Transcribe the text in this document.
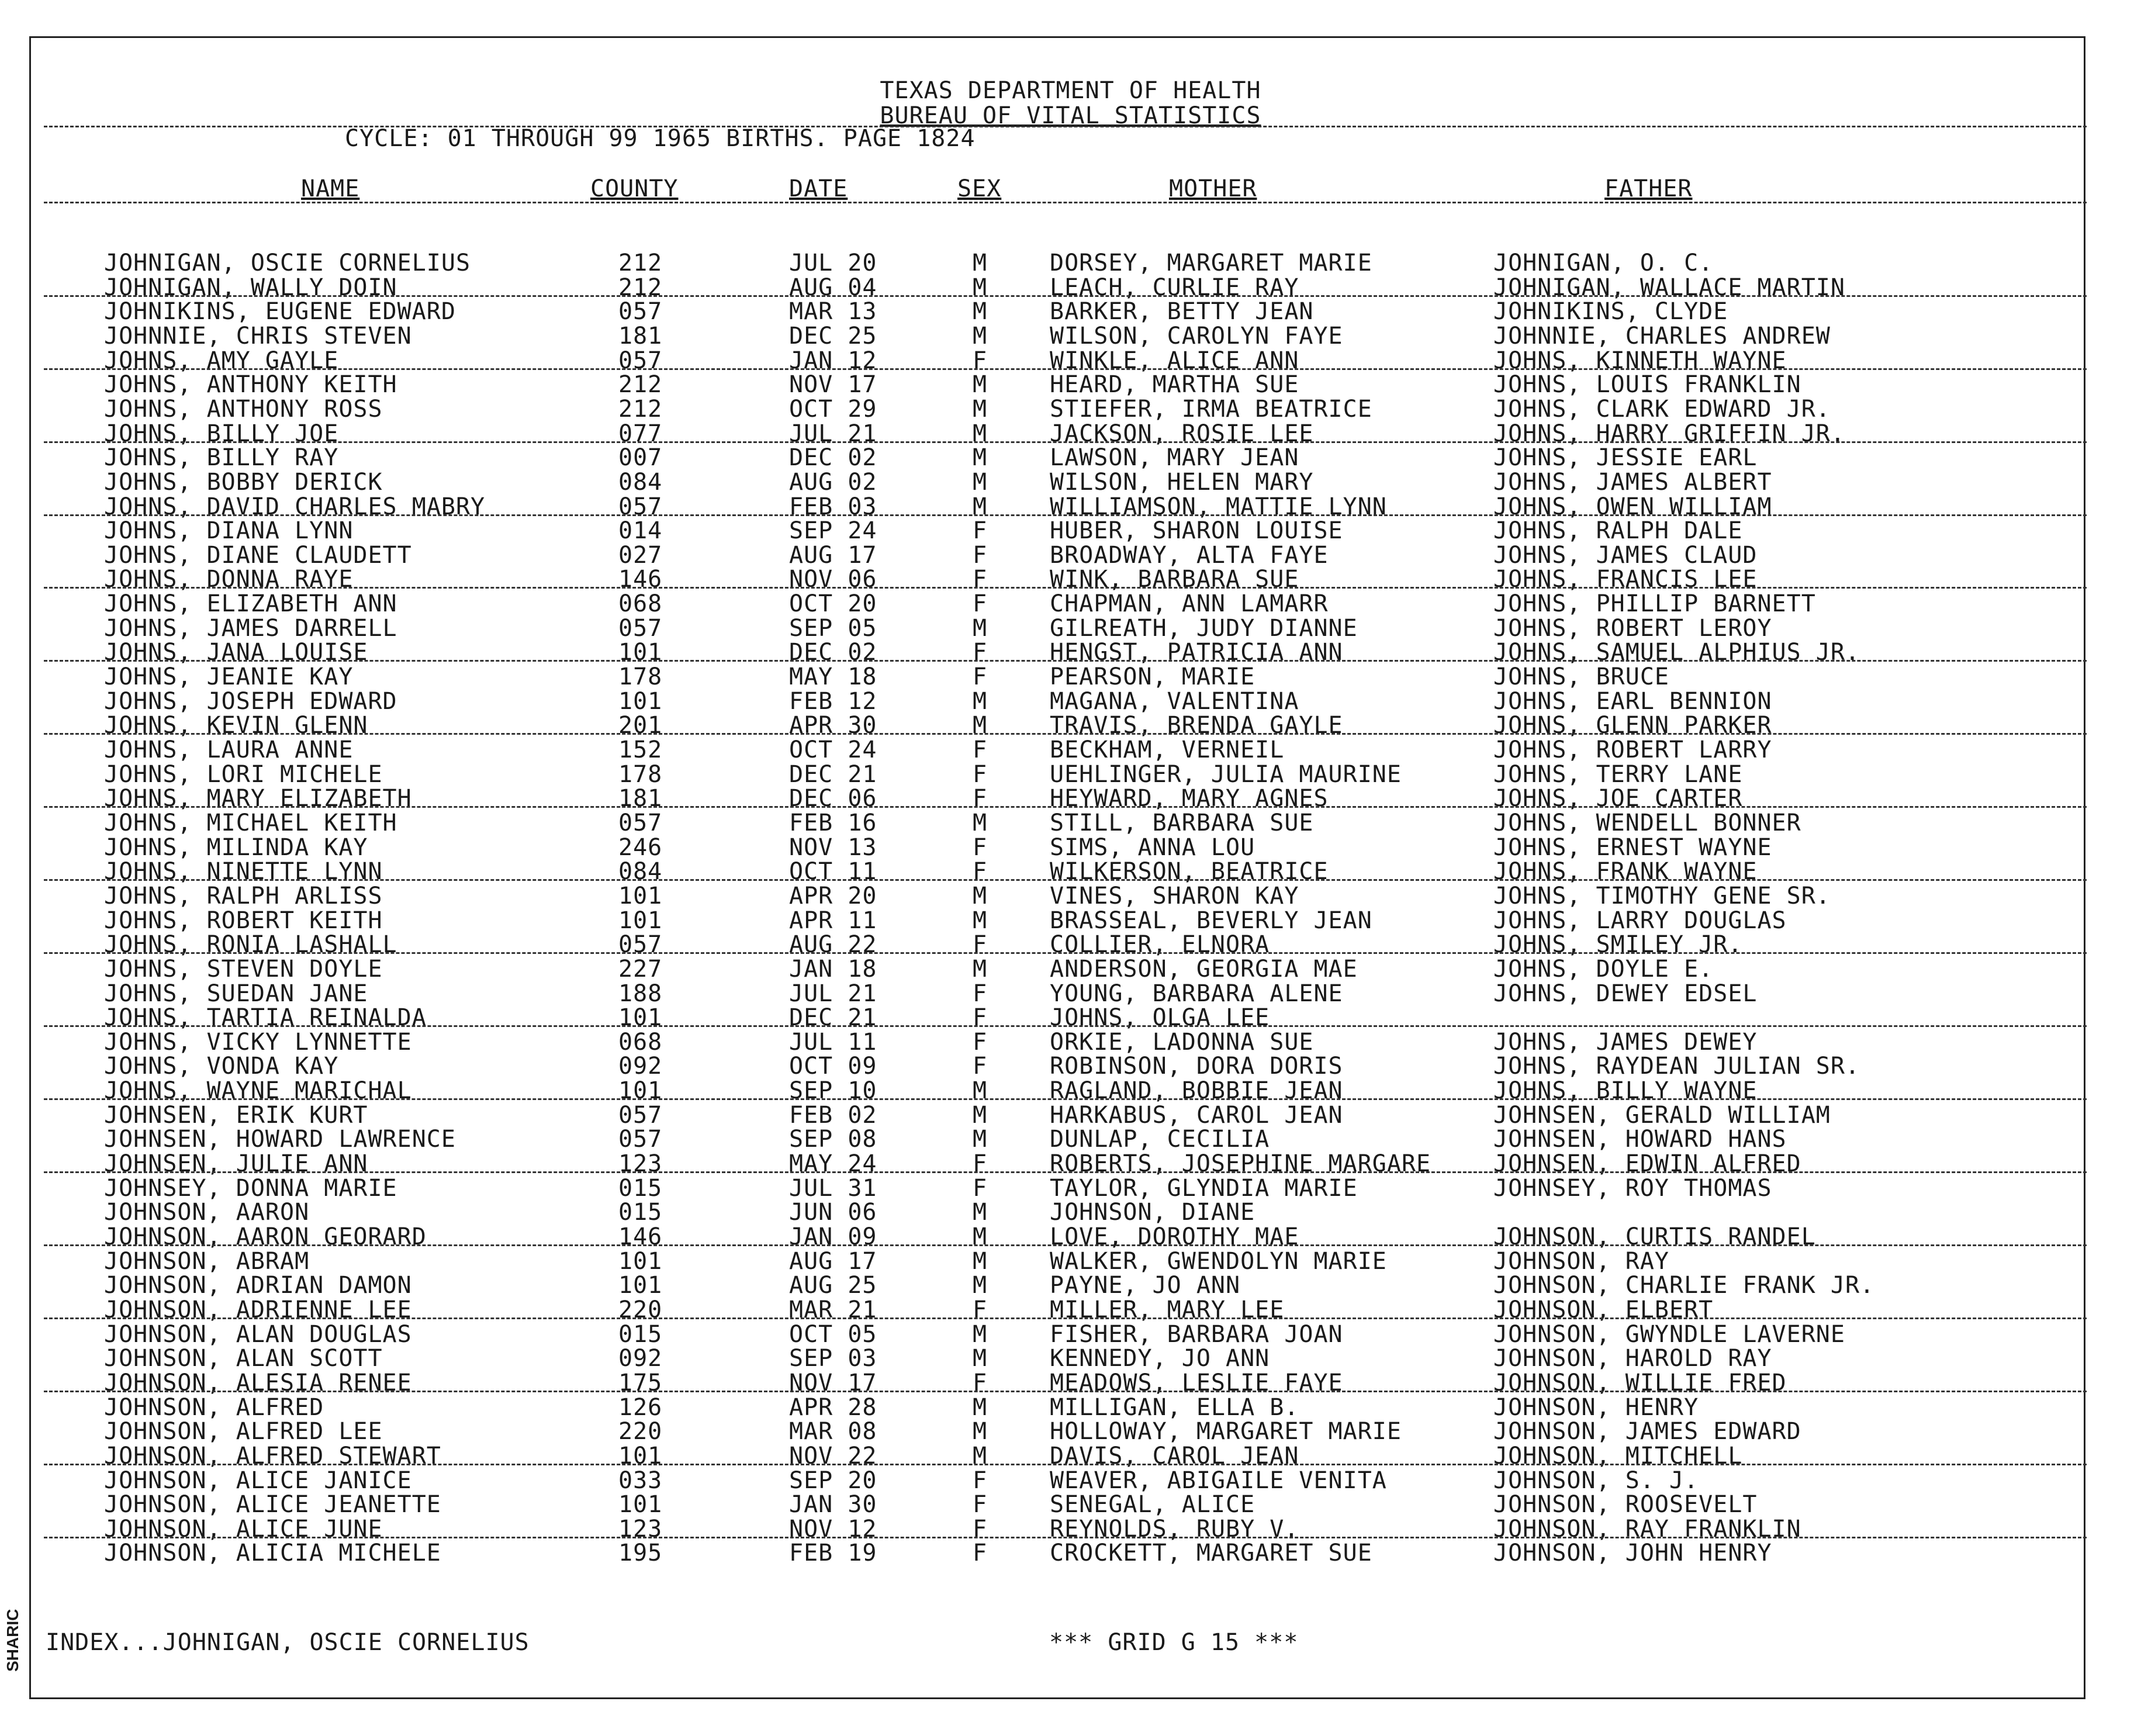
TEXAS DEPARTMENT OF HEALTH
BUREAU OF VITAL STATISTICS
CYCLE: 01 THROUGH 99 1965 BIRTHS. PAGE 1824
NAME	COUNTY	DATE	SEX	MOTHER	FATHER
JOHNIGAN, OSCIE CORNELIUS	212	JUL 20	M	DORSEY, MARGARET MARIE	JOHNIGAN, O. C.
JOHNIGAN, WALLY DOIN	212	AUG 04	M	LEACH, CURLIE RAY	JOHNIGAN, WALLACE MARTIN
JOHNIKINS, EUGENE EDWARD	057	MAR 13	M	BARKER, BETTY JEAN	JOHNIKINS, CLYDE
JOHNNIE, CHRIS STEVEN	181	DEC 25	M	WILSON, CAROLYN FAYE	JOHNNIE, CHARLES ANDREW
JOHNS, AMY GAYLE	057	JAN 12	F	WINKLE, ALICE ANN	JOHNS, KINNETH WAYNE
JOHNS, ANTHONY KEITH	212	NOV 17	M	HEARD, MARTHA SUE	JOHNS, LOUIS FRANKLIN
JOHNS, ANTHONY ROSS	212	OCT 29	M	STIEFER, IRMA BEATRICE	JOHNS, CLARK EDWARD JR.
JOHNS, BILLY JOE	077	JUL 21	M	JACKSON, ROSIE LEE	JOHNS, HARRY GRIFFIN JR.
JOHNS, BILLY RAY	007	DEC 02	M	LAWSON, MARY JEAN	JOHNS, JESSIE EARL
JOHNS, BOBBY DERICK	084	AUG 02	M	WILSON, HELEN MARY	JOHNS, JAMES ALBERT
JOHNS, DAVID CHARLES MABRY	057	FEB 03	M	WILLIAMSON, MATTIE LYNN	JOHNS, OWEN WILLIAM
JOHNS, DIANA LYNN	014	SEP 24	F	HUBER, SHARON LOUISE	JOHNS, RALPH DALE
JOHNS, DIANE CLAUDETT	027	AUG 17	F	BROADWAY, ALTA FAYE	JOHNS, JAMES CLAUD
JOHNS, DONNA RAYE	146	NOV 06	F	WINK, BARBARA SUE	JOHNS, FRANCIS LEE
JOHNS, ELIZABETH ANN	068	OCT 20	F	CHAPMAN, ANN LAMARR	JOHNS, PHILLIP BARNETT
JOHNS, JAMES DARRELL	057	SEP 05	M	GILREATH, JUDY DIANNE	JOHNS, ROBERT LEROY
JOHNS, JANA LOUISE	101	DEC 02	F	HENGST, PATRICIA ANN	JOHNS, SAMUEL ALPHIUS JR.
JOHNS, JEANIE KAY	178	MAY 18	F	PEARSON, MARIE	JOHNS, BRUCE
JOHNS, JOSEPH EDWARD	101	FEB 12	M	MAGANA, VALENTINA	JOHNS, EARL BENNION
JOHNS, KEVIN GLENN	201	APR 30	M	TRAVIS, BRENDA GAYLE	JOHNS, GLENN PARKER
JOHNS, LAURA ANNE	152	OCT 24	F	BECKHAM, VERNEIL	JOHNS, ROBERT LARRY
JOHNS, LORI MICHELE	178	DEC 21	F	UEHLINGER, JULIA MAURINE	JOHNS, TERRY LANE
JOHNS, MARY ELIZABETH	181	DEC 06	F	HEYWARD, MARY AGNES	JOHNS, JOE CARTER
JOHNS, MICHAEL KEITH	057	FEB 16	M	STILL, BARBARA SUE	JOHNS, WENDELL BONNER
JOHNS, MILINDA KAY	246	NOV 13	F	SIMS, ANNA LOU	JOHNS, ERNEST WAYNE
JOHNS, NINETTE LYNN	084	OCT 11	F	WILKERSON, BEATRICE	JOHNS, FRANK WAYNE
JOHNS, RALPH ARLISS	101	APR 20	M	VINES, SHARON KAY	JOHNS, TIMOTHY GENE SR.
JOHNS, ROBERT KEITH	101	APR 11	M	BRASSEAL, BEVERLY JEAN	JOHNS, LARRY DOUGLAS
JOHNS, RONIA LASHALL	057	AUG 22	F	COLLIER, ELNORA	JOHNS, SMILEY JR.
JOHNS, STEVEN DOYLE	227	JAN 18	M	ANDERSON, GEORGIA MAE	JOHNS, DOYLE E.
JOHNS, SUEDAN JANE	188	JUL 21	F	YOUNG, BARBARA ALENE	JOHNS, DEWEY EDSEL
JOHNS, TARTIA REINALDA	101	DEC 21	F	JOHNS, OLGA LEE
JOHNS, VICKY LYNNETTE	068	JUL 11	F	ORKIE, LADONNA SUE	JOHNS, JAMES DEWEY
JOHNS, VONDA KAY	092	OCT 09	F	ROBINSON, DORA DORIS	JOHNS, RAYDEAN JULIAN SR.
JOHNS, WAYNE MARICHAL	101	SEP 10	M	RAGLAND, BOBBIE JEAN	JOHNS, BILLY WAYNE
JOHNSEN, ERIK KURT	057	FEB 02	M	HARKABUS, CAROL JEAN	JOHNSEN, GERALD WILLIAM
JOHNSEN, HOWARD LAWRENCE	057	SEP 08	M	DUNLAP, CECILIA	JOHNSEN, HOWARD HANS
JOHNSEN, JULIE ANN	123	MAY 24	F	ROBERTS, JOSEPHINE MARGARE	JOHNSEN, EDWIN ALFRED
JOHNSEY, DONNA MARIE	015	JUL 31	F	TAYLOR, GLYNDIA MARIE	JOHNSEY, ROY THOMAS
JOHNSON, AARON	015	JUN 06	M	JOHNSON, DIANE
JOHNSON, AARON GEORARD	146	JAN 09	M	LOVE, DOROTHY MAE	JOHNSON, CURTIS RANDEL
JOHNSON, ABRAM	101	AUG 17	M	WALKER, GWENDOLYN MARIE	JOHNSON, RAY
JOHNSON, ADRIAN DAMON	101	AUG 25	M	PAYNE, JO ANN	JOHNSON, CHARLIE FRANK JR.
JOHNSON, ADRIENNE LEE	220	MAR 21	F	MILLER, MARY LEE	JOHNSON, ELBERT
JOHNSON, ALAN DOUGLAS	015	OCT 05	M	FISHER, BARBARA JOAN	JOHNSON, GWYNDLE LAVERNE
JOHNSON, ALAN SCOTT	092	SEP 03	M	KENNEDY, JO ANN	JOHNSON, HAROLD RAY
JOHNSON, ALESIA RENEE	175	NOV 17	F	MEADOWS, LESLIE FAYE	JOHNSON, WILLIE FRED
JOHNSON, ALFRED	126	APR 28	M	MILLIGAN, ELLA B.	JOHNSON, HENRY
JOHNSON, ALFRED LEE	220	MAR 08	M	HOLLOWAY, MARGARET MARIE	JOHNSON, JAMES EDWARD
JOHNSON, ALFRED STEWART	101	NOV 22	M	DAVIS, CAROL JEAN	JOHNSON, MITCHELL
JOHNSON, ALICE JANICE	033	SEP 20	F	WEAVER, ABIGAILE VENITA	JOHNSON, S. J.
JOHNSON, ALICE JEANETTE	101	JAN 30	F	SENEGAL, ALICE	JOHNSON, ROOSEVELT
JOHNSON, ALICE JUNE	123	NOV 12	F	REYNOLDS, RUBY V.	JOHNSON, RAY FRANKLIN
JOHNSON, ALICIA MICHELE	195	FEB 19	F	CROCKETT, MARGARET SUE	JOHNSON, JOHN HENRY
INDEX...JOHNIGAN, OSCIE CORNELIUS	*** GRID G 15 ***
SHARIC
